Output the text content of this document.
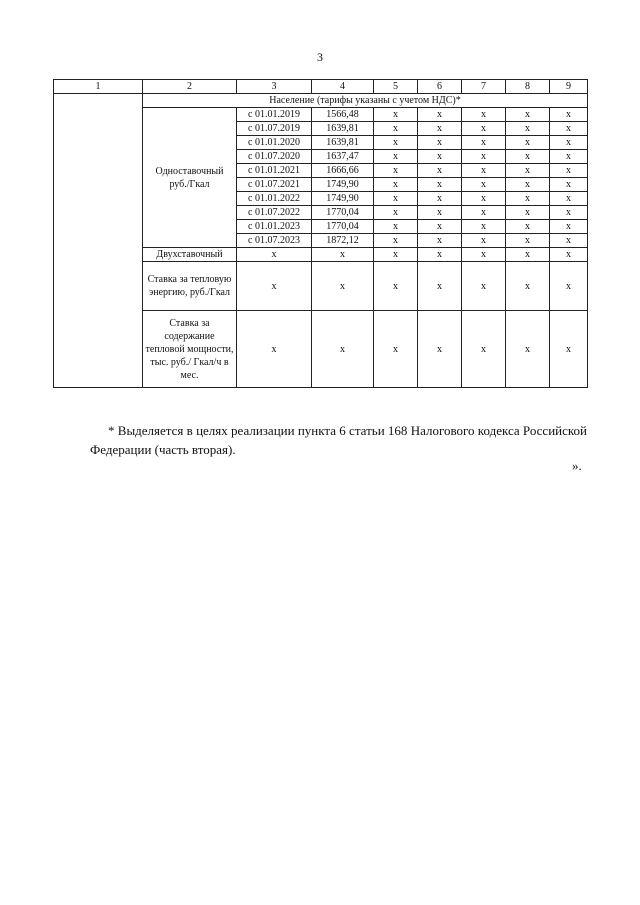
3
1	2	3	4	5	6	7	8	9
	Население (тарифы указаны с учетом НДС)*							
	Одноставочный руб./Гкал	с 01.01.2019	1566,48	x	x	x	x	x
		с 01.07.2019	1639,81	x	x	x	x	x
		с 01.01.2020	1639,81	x	x	x	x	x
		с 01.07.2020	1637,47	x	x	x	x	x
		с 01.01.2021	1666,66	x	x	x	x	x
		с 01.07.2021	1749,90	x	x	x	x	x
		с 01.01.2022	1749,90	x	x	x	x	x
		с 01.07.2022	1770,04	x	x	x	x	x
		с 01.01.2023	1770,04	x	x	x	x	x
		с 01.07.2023	1872,12	x	x	x	x	x
	Двухставочный	x	x	x	x	x	x	x
	Ставка за тепловую энергию, руб./Гкал	x	x	x	x	x	x	x
	Ставка за содержание тепловой мощности, тыс. руб./ Гкал/ч в мес.	x	x	x	x	x	x	x
* Выделяется в целях реализации пункта 6 статьи 168 Налогового кодекса Российской Федерации (часть вторая).
».
